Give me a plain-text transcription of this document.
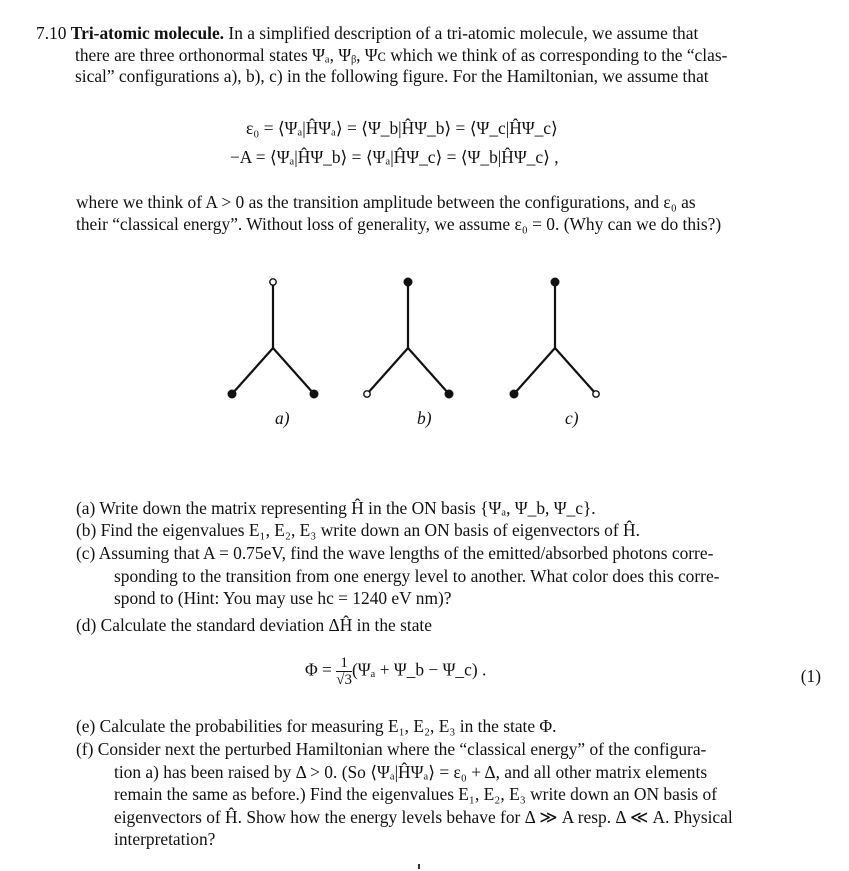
7.10 Tri-atomic molecule. In a simplified description of a tri-atomic molecule, we assume that
there are three orthonormal states Ψₐ, Ψᵦ, Ψᴄ which we think of as corresponding to the “clas-
sical” configurations a), b), c) in the following figure. For the Hamiltonian, we assume that
ε₀ = ⟨Ψₐ|ĤΨₐ⟩ = ⟨Ψ_b|ĤΨ_b⟩ = ⟨Ψ_c|ĤΨ_c⟩
−A = ⟨Ψₐ|ĤΨ_b⟩ = ⟨Ψₐ|ĤΨ_c⟩ = ⟨Ψ_b|ĤΨ_c⟩ ,
where we think of A > 0 as the transition amplitude between the configurations, and ε₀ as
their “classical energy”. Without loss of generality, we assume ε₀ = 0. (Why can we do this?)
a)	b)	c)
(a) Write down the matrix representing Ĥ in the ON basis {Ψₐ, Ψ_b, Ψ_c}.
(b) Find the eigenvalues E₁, E₂, E₃ write down an ON basis of eigenvectors of Ĥ.
(c) Assuming that A = 0.75eV, find the wave lengths of the emitted/absorbed photons corre-
sponding to the transition from one energy level to another. What color does this corre-
spond to (Hint: You may use hc = 1240 eV nm)?
(d) Calculate the standard deviation ΔĤ in the state
$\Phi = \frac{1}{√3} (\Psi_a$ + Ψ_b − Ψ_c) .	(1)
(e) Calculate the probabilities for measuring E₁, E₂, E₃ in the state Φ.
(f) Consider next the perturbed Hamiltonian where the “classical energy” of the configura-
tion a) has been raised by Δ > 0. (So ⟨Ψₐ|ĤΨₐ⟩ = ε₀ + Δ, and all other matrix elements
remain the same as before.) Find the eigenvalues E₁, E₂, E₃ write down an ON basis of
eigenvectors of Ĥ. Show how the energy levels behave for Δ ≫ A resp. Δ ≪ A. Physical
interpretation?
